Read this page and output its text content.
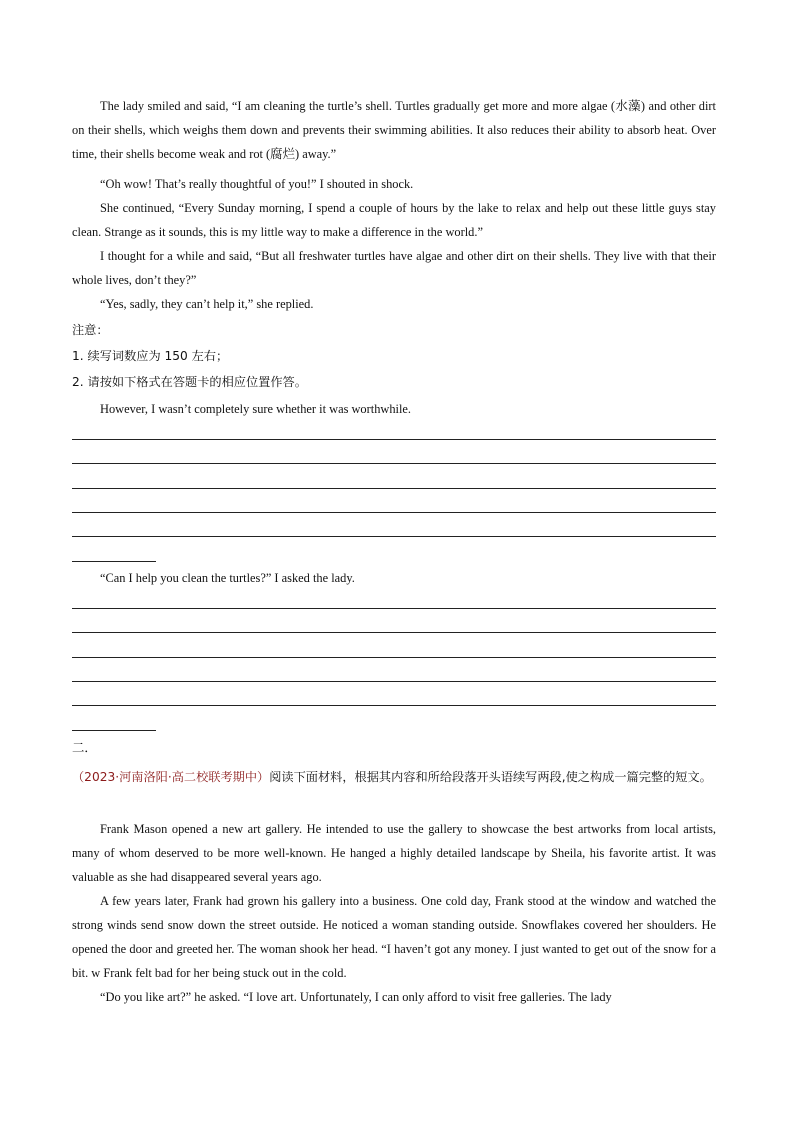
The lady smiled and said, “I am cleaning the turtle’s shell. Turtles gradually get more and more algae (水藻) and other dirt on their shells, which weighs them down and prevents their swimming abilities. It also reduces their ability to absorb heat. Over time, their shells become weak and rot (腐烂) away.”
“Oh wow! That’s really thoughtful of you!” I shouted in shock.
She continued, “Every Sunday morning, I spend a couple of hours by the lake to relax and help out these little guys stay clean. Strange as it sounds, this is my little way to make a difference in the world.”
I thought for a while and said, “But all freshwater turtles have algae and other dirt on their shells. They live with that their whole lives, don’t they?”
“Yes, sadly, they can’t help it,” she replied.
注意：
1. 续写词数应为 150 左右；
2. 请按如下格式在答题卡的相应位置作答。
However, I wasn’t completely sure whether it was worthwhile.
“Can I help you clean the turtles?” I asked the lady.
二．
（2023·河南洛阳·高二校联考期中）阅读下面材料，根据其内容和所给段落开头语续写两段,使之构成一篇完整的短文。
Frank Mason opened a new art gallery. He intended to use the gallery to showcase the best artworks from local artists, many of whom deserved to be more well-known. He hanged a highly detailed landscape by Sheila, his favorite artist. It was valuable as she had disappeared several years ago.
A few years later, Frank had grown his gallery into a business. One cold day, Frank stood at the window and watched the strong winds send snow down the street outside. He noticed a woman standing outside. Snowflakes covered her shoulders. He opened the door and greeted her. The woman shook her head. “I haven’t got any money. I just wanted to get out of the snow for a bit. w Frank felt bad for her being stuck out in the cold.
“Do you like art?” he asked. “I love art. Unfortunately, I can only afford to visit free galleries. The lady
